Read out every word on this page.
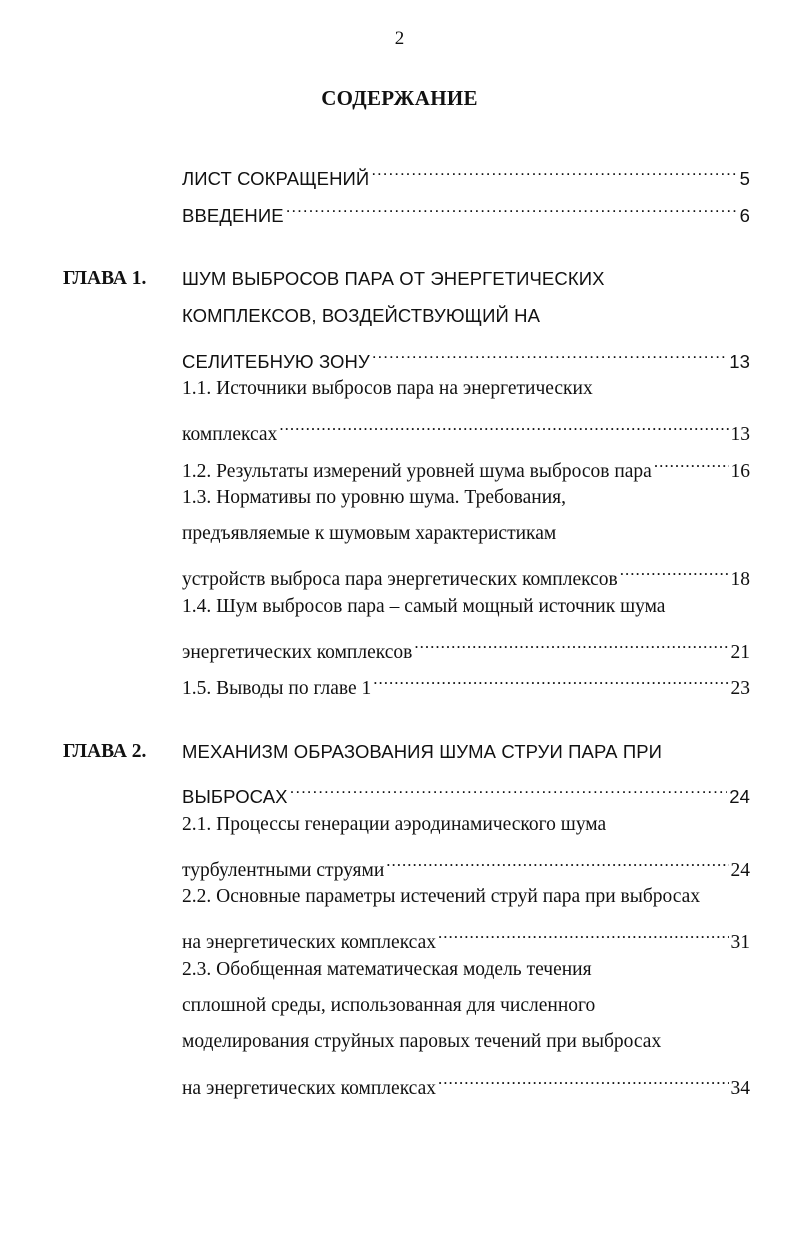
2
СОДЕРЖАНИЕ
ЛИСТ СОКРАЩЕНИЙ .....	5
ВВЕДЕНИЕ .....	6
ГЛАВА 1. ШУМ ВЫБРОСОВ ПАРА ОТ ЭНЕРГЕТИЧЕСКИХ
КОМПЛЕКСОВ, ВОЗДЕЙСТВУЮЩИЙ НА
СЕЛИТЕБНУЮ ЗОНУ .....	13
1.1. Источники выбросов пара на энергетических
комплексах .....	13
1.2. Результаты измерений уровней шума выбросов пара .....	16
1.3. Нормативы по уровню шума. Требования,
предъявляемые к шумовым характеристикам
устройств выброса пара энергетических комплексов .....	18
1.4. Шум выбросов пара – самый мощный источник шума
энергетических комплексов .....	21
1.5. Выводы по главе 1 .....	23
ГЛАВА 2. МЕХАНИЗМ ОБРАЗОВАНИЯ ШУМА СТРУИ ПАРА ПРИ
ВЫБРОСАХ .....	24
2.1. Процессы генерации аэродинамического шума
турбулентными струями .....	24
2.2. Основные параметры истечений струй пара при выбросах
на энергетических комплексах .....	31
2.3. Обобщенная математическая модель течения
сплошной среды, использованная для численного
моделирования струйных паровых течений при выбросах
на энергетических комплексах .....	34
